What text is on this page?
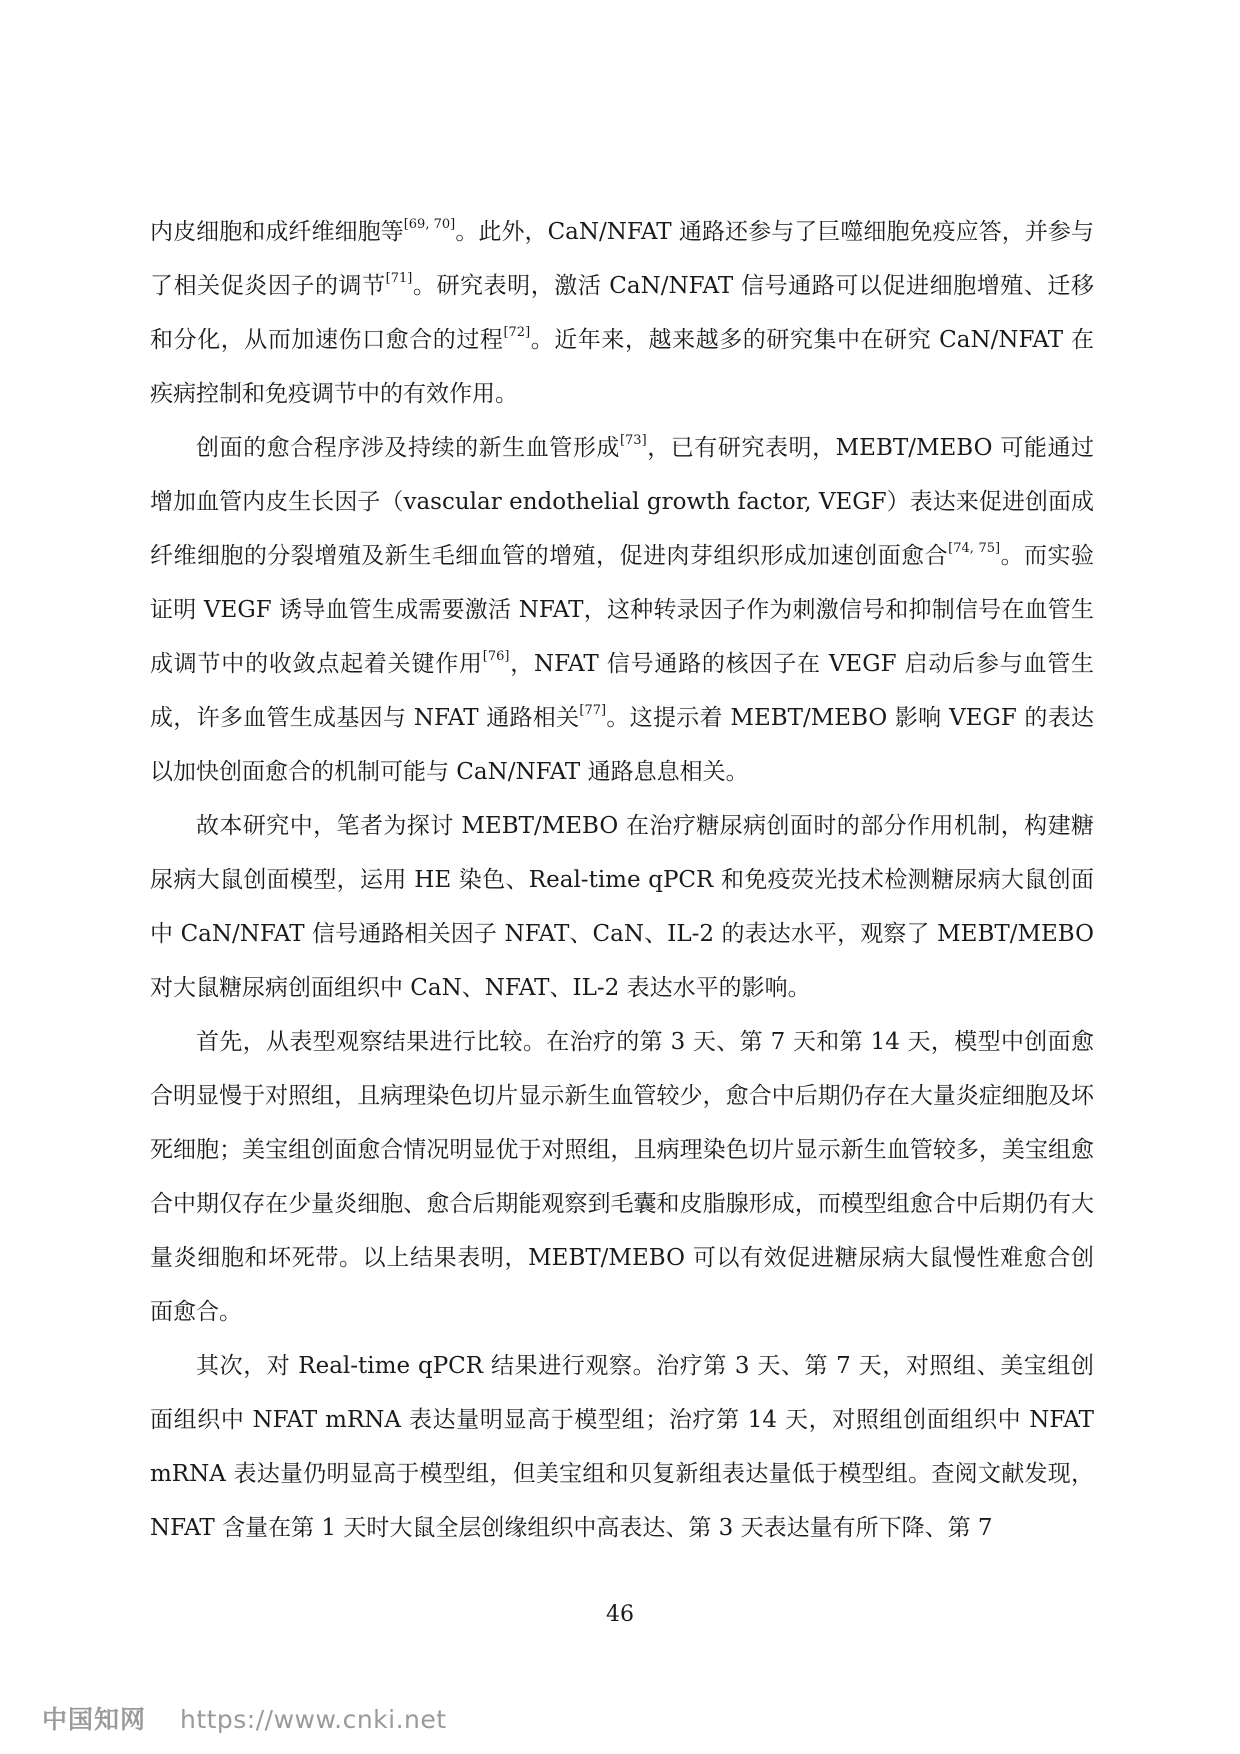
内皮细胞和成纤维细胞等[69, 70]。此外，CaN/NFAT 通路还参与了巨噬细胞免疫应答，并参与了相关促炎因子的调节[71]。研究表明，激活 CaN/NFAT 信号通路可以促进细胞增殖、迁移和分化，从而加速伤口愈合的过程[72]。近年来，越来越多的研究集中在研究 CaN/NFAT 在疾病控制和免疫调节中的有效作用。

创面的愈合程序涉及持续的新生血管形成[73]，已有研究表明，MEBT/MEBO 可能通过增加血管内皮生长因子（vascular endothelial growth factor, VEGF）表达来促进创面成纤维细胞的分裂增殖及新生毛细血管的增殖，促进肉芽组织形成加速创面愈合[74, 75]。而实验证明 VEGF 诱导血管生成需要激活 NFAT，这种转录因子作为刺激信号和抑制信号在血管生成调节中的收敛点起着关键作用[76]，NFAT 信号通路的核因子在 VEGF 启动后参与血管生成，许多血管生成基因与 NFAT 通路相关[77]。这提示着 MEBT/MEBO 影响 VEGF 的表达以加快创面愈合的机制可能与 CaN/NFAT 通路息息相关。

故本研究中，笔者为探讨 MEBT/MEBO 在治疗糖尿病创面时的部分作用机制，构建糖尿病大鼠创面模型，运用 HE 染色、Real-time qPCR 和免疫荧光技术检测糖尿病大鼠创面中 CaN/NFAT 信号通路相关因子 NFAT、CaN、IL-2 的表达水平，观察了 MEBT/MEBO 对大鼠糖尿病创面组织中 CaN、NFAT、IL-2 表达水平的影响。

首先，从表型观察结果进行比较。在治疗的第 3 天、第 7 天和第 14 天，模型中创面愈合明显慢于对照组，且病理染色切片显示新生血管较少，愈合中后期仍存在大量炎症细胞及坏死细胞；美宝组创面愈合情况明显优于对照组，且病理染色切片显示新生血管较多，美宝组愈合中期仅存在少量炎细胞、愈合后期能观察到毛囊和皮脂腺形成，而模型组愈合中后期仍有大量炎细胞和坏死带。以上结果表明，MEBT/MEBO 可以有效促进糖尿病大鼠慢性难愈合创面愈合。

其次，对 Real-time qPCR 结果进行观察。治疗第 3 天、第 7 天，对照组、美宝组创面组织中 NFAT mRNA 表达量明显高于模型组；治疗第 14 天，对照组创面组织中 NFAT mRNA 表达量仍明显高于模型组，但美宝组和贝复新组表达量低于模型组。查阅文献发现，NFAT 含量在第 1 天时大鼠全层创缘组织中高表达、第 3 天表达量有所下降、第 7

46
中国知网 https://www.cnki.net
